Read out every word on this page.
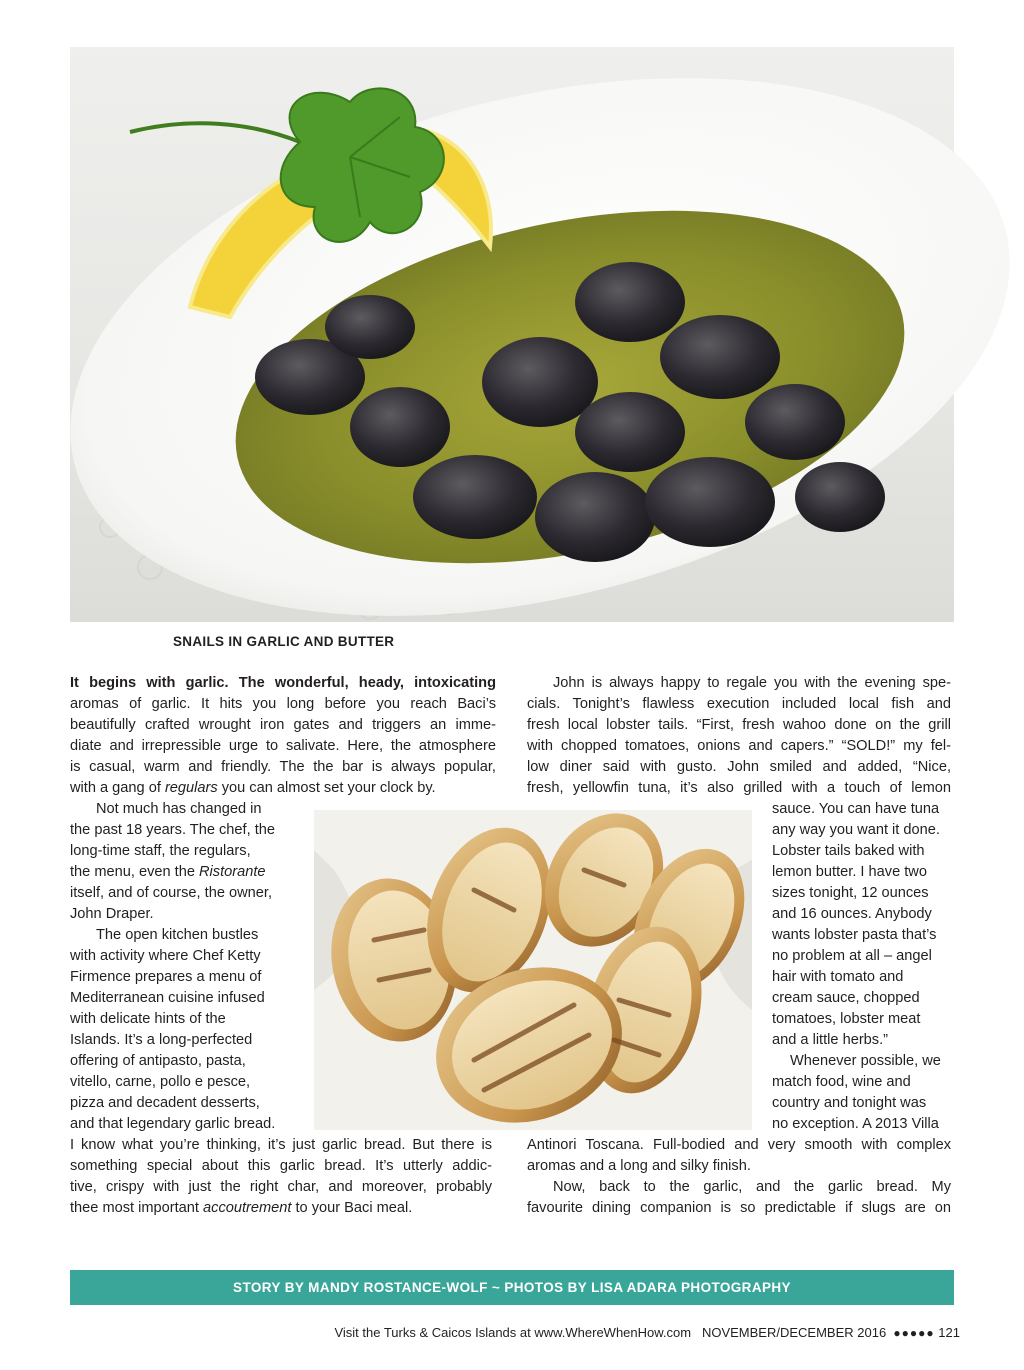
SNAILS IN GARLIC AND BUTTER
It begins with garlic. The wonderful, heady, intoxicating
aromas of garlic. It hits you long before you reach Baci’s
beautifully crafted wrought iron gates and triggers an imme-
diate and irrepressible urge to salivate. Here, the atmosphere
is casual, warm and friendly. The the bar is always popular,
with a gang of regulars you can almost set your clock by.
Not much has changed in
the past 18 years. The chef, the
long-time staff, the regulars,
the menu, even the Ristorante
itself, and of course, the owner,
John Draper.
The open kitchen bustles
with activity where Chef Ketty
Firmence prepares a menu of
Mediterranean cuisine infused
with delicate hints of the
Islands. It’s a long-perfected
offering of antipasto, pasta,
vitello, carne, pollo e pesce,
pizza and decadent desserts,
and that legendary garlic bread.
I know what you’re thinking, it’s just garlic bread. But there is
something special about this garlic bread. It’s utterly addic-
tive, crispy with just the right char, and moreover, probably
thee most important accoutrement to your Baci meal.
John is always happy to regale you with the evening spe-
cials. Tonight’s flawless execution included local fish and
fresh local lobster tails. “First, fresh wahoo done on the grill
with chopped tomatoes, onions and capers.” “SOLD!” my fel-
low diner said with gusto. John smiled and added, “Nice,
fresh, yellowfin tuna, it’s also grilled with a touch of lemon
sauce. You can have tuna
any way you want it done.
Lobster tails baked with
lemon butter. I have two
sizes tonight, 12 ounces
and 16 ounces. Anybody
wants lobster pasta that’s
no problem at all – angel
hair with tomato and
cream sauce, chopped
tomatoes, lobster meat
and a little herbs.”
Whenever possible, we
match food, wine and
country and tonight was
no exception. A 2013 Villa
Antinori Toscana. Full-bodied and very smooth with complex
aromas and a long and silky finish.
Now, back to the garlic, and the garlic bread. My
favourite dining companion is so predictable if slugs are on
STORY BY MANDY ROSTANCE-WOLF ~ PHOTOS BY LISA ADARA PHOTOGRAPHY
Visit the Turks & Caicos Islands at www.WhereWhenHow.com NOVEMBER/DECEMBER 2016 ●●●●● 121
